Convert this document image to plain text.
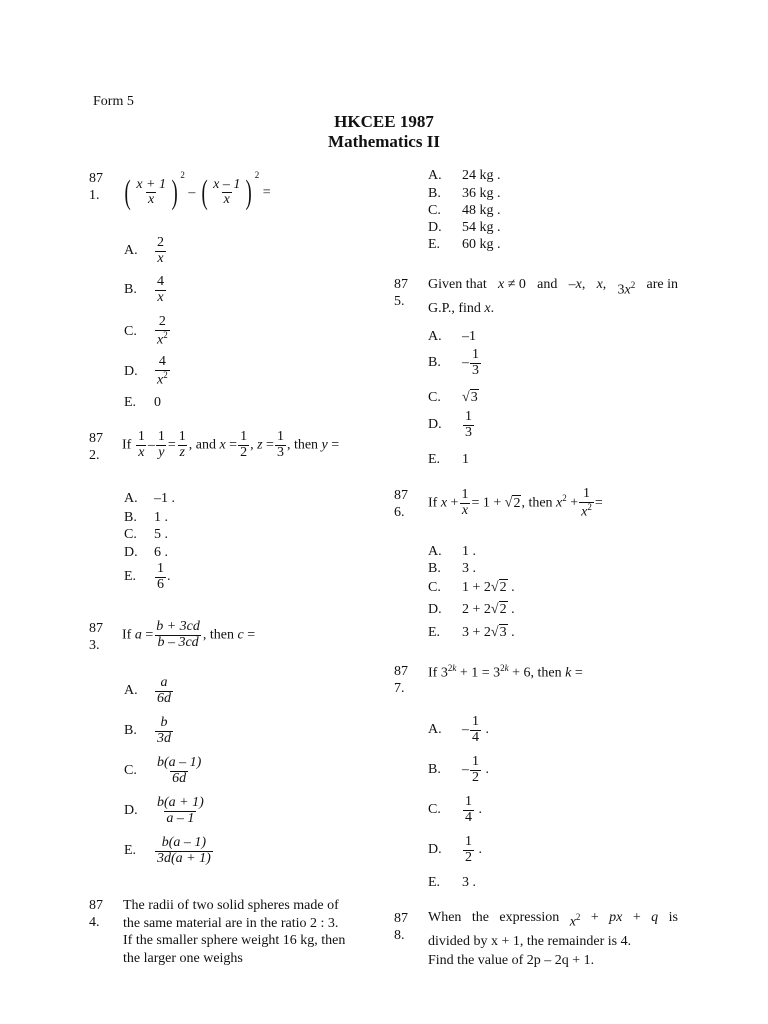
Form 5
HKCEE 1987
Mathematics II
87
1. ( $\frac{x + 1}{x}$ ) $^2$ – ( $\frac{x - 1}{x}$ ) $^2$ =
A.	$\frac{2}{x}$
B.	$\frac{4}{x}$
C.	$\frac{2}{x^2}$
D.	$\frac{4}{x^2}$
E.	0
87
2.
If $\frac{1}{x} - \frac{1}{y} = \frac{1}{z}$ , and $x = \frac{1}{2}$ , $z = \frac{1}{3}$ , then y =
A.	–1 .
B.	1 .
C.	5 .
D.	6 .
E.	$\frac{1}{6}$ .
87
3.
If $a = \frac{b + 3cd}{b - 3cd}$ , then c =
A.	$\frac{a}{6d}$
B.	$\frac{b}{3d}$
C.	$\frac{b(a - 1)}{6d}$
D.	$\frac{b(a + 1)}{a - 1}$
E.	$\frac{b(a - 1)}{3d(a + 1)}$
87
4.
The radii of two solid spheres made of
the same material are in the ratio 2 : 3.
If the smaller sphere weight 16 kg, then
the larger one weighs
A.	24 kg .
B.	36 kg .
C.	48 kg .
D.	54 kg .
E.	60 kg .
87
5.
Given that x ≠ 0 and –x, x, $3x^2$ are in
G.P., find x.
A.	–1
B.	– $\frac{1}{3}$
C.	√ 3
D.	$\frac{1}{3}$
E.	1
87
6.
If $x + \frac{1}{x} = 1 + √2$, then $x^2 + \frac{1}{x^2}$ =
A.	1 .
B.	3 .
C.	1 + 2 √ 2 .
D.	2 + 2 √ 2 .
E.	3 + 2 √ 3 .
87
7.
If $3^{2k} + 1 = 3^{2k} + 6$, then k =
A.	– $\frac{1}{4}$ .
B.	– $\frac{1}{2}$ .
C.	$\frac{1}{4}$ .
D.	$\frac{1}{2}$ .
E.	3 .
87
8.
When the expression $x^2$ + px + q is
divided by x + 1, the remainder is 4.
Find the value of 2p – 2q + 1.
